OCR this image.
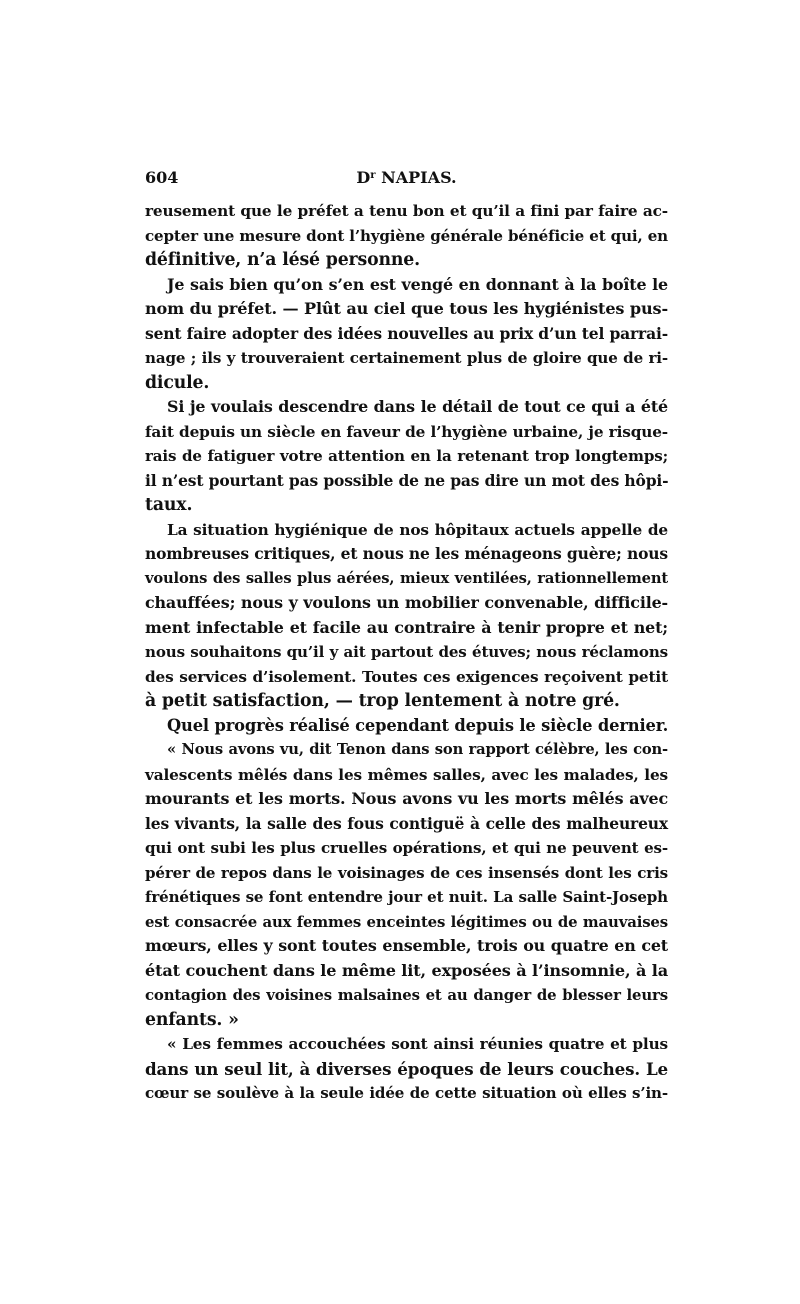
604	$D^r$ NAPIAS.
reusement que le préfet a tenu bon et qu’il a fini par faire ac-
cepter une mesure dont l’hygiène générale bénéficie et qui, en
définitive, n’a lésé personne.
Je sais bien qu’on s’en est vengé en donnant à la boîte le
nom du préfet. — Plût au ciel que tous les hygiénistes pus-
sent faire adopter des idées nouvelles au prix d’un tel parrai-
nage ; ils y trouveraient certainement plus de gloire que de ri-
dicule.
Si je voulais descendre dans le détail de tout ce qui a été
fait depuis un siècle en faveur de l’hygiène urbaine, je risque-
rais de fatiguer votre attention en la retenant trop longtemps;
il n’est pourtant pas possible de ne pas dire un mot des hôpi-
taux.
La situation hygiénique de nos hôpitaux actuels appelle de
nombreuses critiques, et nous ne les ménageons guère; nous
voulons des salles plus aérées, mieux ventilées, rationnellement
chauffées; nous y voulons un mobilier convenable, difficile-
ment infectable et facile au contraire à tenir propre et net;
nous souhaitons qu’il y ait partout des étuves; nous réclamons
des services d’isolement. Toutes ces exigences reçoivent petit
à petit satisfaction, — trop lentement à notre gré.
Quel progrès réalisé cependant depuis le siècle dernier.
« Nous avons vu, dit Tenon dans son rapport célèbre, les con-
valescents mêlés dans les mêmes salles, avec les malades, les
mourants et les morts. Nous avons vu les morts mêlés avec
les vivants, la salle des fous contiguë à celle des malheureux
qui ont subi les plus cruelles opérations, et qui ne peuvent es-
pérer de repos dans le voisinages de ces insensés dont les cris
frénétiques se font entendre jour et nuit. La salle Saint-Joseph
est consacrée aux femmes enceintes légitimes ou de mauvaises
mœurs, elles y sont toutes ensemble, trois ou quatre en cet
état couchent dans le même lit, exposées à l’insomnie, à la
contagion des voisines malsaines et au danger de blesser leurs
enfants. »
« Les femmes accouchées sont ainsi réunies quatre et plus
dans un seul lit, à diverses époques de leurs couches. Le
cœur se soulève à la seule idée de cette situation où elles s’in-
